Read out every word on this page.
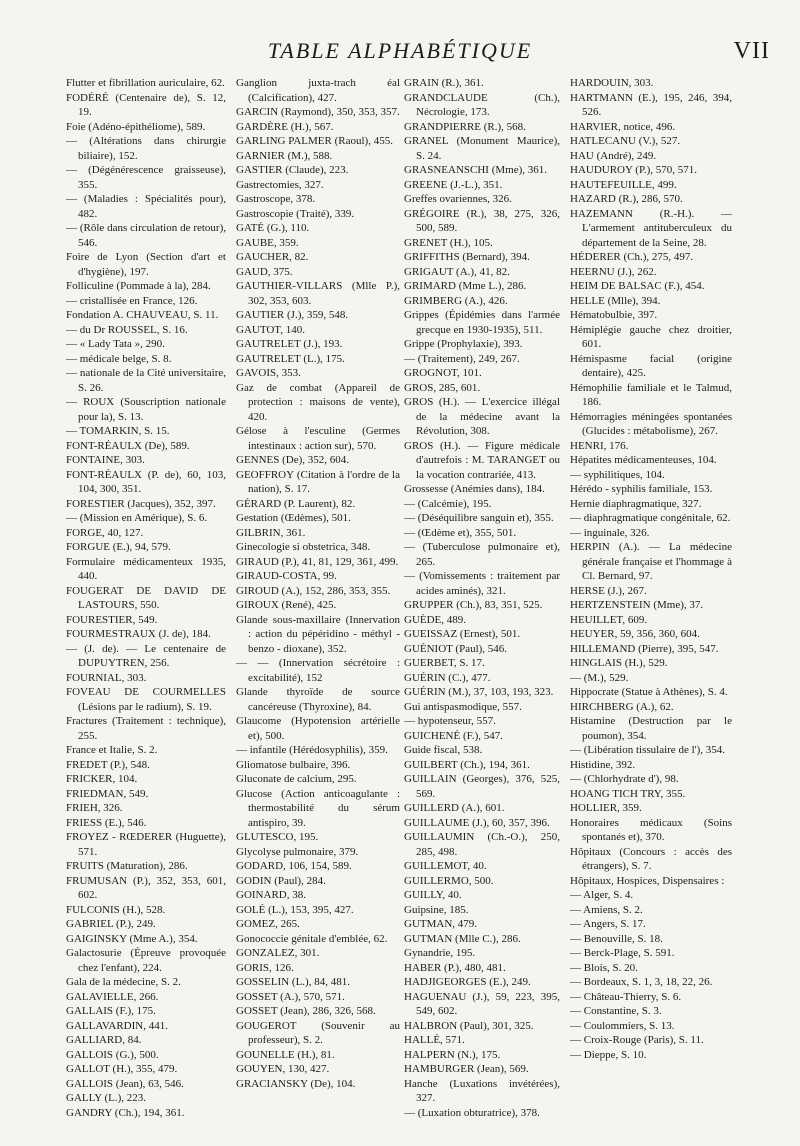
TABLE ALPHABÉTIQUE	VII
Flutter et fibrillation auriculaire, 62.
FODÉRÉ (Centenaire de), S. 12, 19.
Foie (Adéno-épithéliome), 589.
— (Altérations dans chirurgie biliaire), 152.
— (Dégénérescence graisseuse), 355.
— (Maladies : Spécialités pour), 482.
— (Rôle dans circulation de retour), 546.
Foire de Lyon (Section d'art et d'hygiène), 197.
Folliculine (Pommade à la), 284.
— cristallisée en France, 126.
Fondation A. CHAUVEAU, S. 11.
— du Dr ROUSSEL, S. 16.
— « Lady Tata », 290.
— médicale belge, S. 8.
— nationale de la Cité universitaire, S. 26.
— ROUX (Souscription nationale pour la), S. 13.
— TOMARKIN, S. 15.
FONT-RÉAULX (De), 589.
FONTAINE, 303.
FONT-RÉAULX (P. de), 60, 103, 104, 300, 351.
FORESTIER (Jacques), 352, 397.
— (Mission en Amérique), S. 6.
FORGE, 40, 127.
FORGUE (E.), 94, 579.
Formulaire médicamenteux 1935, 440.
FOUGERAT DE DAVID DE LASTOURS, 550.
FOURESTIER, 549.
FOURMESTRAUX (J. de), 184.
— (J. de). — Le centenaire de DUPUYTREN, 256.
FOURNIAL, 303.
FOVEAU DE COURMELLES (Lésions par le radium), S. 19.
Fractures (Traitement : technique), 255.
France et Italie, S. 2.
FREDET (P.), 548.
FRICKER, 104.
FRIEDMAN, 549.
FRIEH, 326.
FRIESS (E.), 546.
FROYEZ - RŒDERER (Huguette), 571.
FRUITS (Maturation), 286.
FRUMUSAN (P.), 352, 353, 601, 602.
FULCONIS (H.), 528.
GABRIEL (P.), 249.
GAIGINSKY (Mme A.), 354.
Galactosurie (Épreuve provoquée chez l'enfant), 224.
Gala de la médecine, S. 2.
GALAVIELLE, 266.
GALLAIS (F.), 175.
GALLAVARDIN, 441.
GALLIARD, 84.
GALLOIS (G.), 500.
GALLOT (H.), 355, 479.
GALLOIS (Jean), 63, 546.
GALLY (L.), 223.
GANDRY (Ch.), 194, 361.
Ganglion juxta-trach éal (Calcification), 427.
GARCIN (Raymond), 350, 353, 357.
GARDÈRE (H.), 567.
GARLING PALMER (Raoul), 455.
GARNIER (M.), 588.
GASTIER (Claude), 223.
Gastrectomies, 327.
Gastroscope, 378.
Gastroscopie (Traité), 339.
GATÉ (G.), 110.
GAUBE, 359.
GAUCHER, 82.
GAUD, 375.
GAUTHIER-VILLARS (Mlle P.), 302, 353, 603.
GAUTIER (J.), 359, 548.
GAUTOT, 140.
GAUTRELET (J.), 193.
GAUTRELET (L.), 175.
GAVOIS, 353.
Gaz de combat (Appareil de protection : maisons de vente), 420.
Gélose à l'esculine (Germes intestinaux : action sur), 570.
GENNES (De), 352, 604.
GEOFFROY (Citation à l'ordre de la nation), S. 17.
GÉRARD (P. Laurent), 82.
Gestation (Œdèmes), 501.
GILBRIN, 361.
Ginecologie si obstetrica, 348.
GIRAUD (P.), 41, 81, 129, 361, 499.
GIRAUD-COSTA, 99.
GIROUD (A.), 152, 286, 353, 355.
GIROUX (René), 425.
Glande sous-maxillaire (Innervation : action du pépéridino - méthyl - benzo - dioxane), 352.
— — (Innervation sécrétoire : excitabilité), 152
Glande thyroïde de source cancéreuse (Thyroxine), 84.
Glaucome (Hypotension artérielle et), 500.
— infantile (Hérédosyphilis), 359.
Gliomatose bulbaire, 396.
Gluconate de calcium, 295.
Glucose (Action anticoagulante : thermostabilité du sérum antispiro, 39.
GLUTESCO, 195.
Glycolyse pulmonaire, 379.
GODARD, 106, 154, 589.
GODIN (Paul), 284.
GOINARD, 38.
GOLÉ (L.), 153, 395, 427.
GOMEZ, 265.
Gonococcie génitale d'emblée, 62.
GONZALEZ, 301.
GORIS, 126.
GOSSELIN (L.), 84, 481.
GOSSET (A.), 570, 571.
GOSSET (Jean), 286, 326, 568.
GOUGEROT (Souvenir au professeur), S. 2.
GOUNELLE (H.), 81.
GOUYEN, 130, 427.
GRACIANSKY (De), 104.
GRAIN (R.), 361.
GRANDCLAUDE (Ch.), Nécrologie, 173.
GRANDPIERRE (R.), 568.
GRANEL (Monument Maurice), S. 24.
GRASNEANSCHI (Mme), 361.
GREENE (J.-L.), 351.
Greffes ovariennes, 326.
GRÉGOIRE (R.), 38, 275, 326, 500, 589.
GRENET (H.), 105.
GRIFFITHS (Bernard), 394.
GRIGAUT (A.), 41, 82.
GRIMARD (Mme L.), 286.
GRIMBERG (A.), 426.
Grippes (Épidémies dans l'armée grecque en 1930-1935), 511.
Grippe (Prophylaxie), 393.
— (Traitement), 249, 267.
GROGNOT, 101.
GROS, 285, 601.
GROS (H.). — L'exercice illégal de la médecine avant la Révolution, 308.
GROS (H.). — Figure médicale d'autrefois : M. TARANGET ou la vocation contrariée, 413.
Grossesse (Anémies dans), 184.
— (Calcémie), 195.
— (Déséquilibre sanguin et), 355.
— (Œdème et), 355, 501.
— (Tuberculose pulmonaire et), 265.
— (Vomissements : traitement par acides aminés), 321.
GRUPPER (Ch.), 83, 351, 525.
GUÈDE, 489.
GUEISSAZ (Ernest), 501.
GUÉNIOT (Paul), 546.
GUERBET, S. 17.
GUÉRIN (C.), 477.
GUÉRIN (M.), 37, 103, 193, 323.
Gui antispasmodique, 557.
— hypotenseur, 557.
GUICHENÉ (F.), 547.
Guide fiscal, 538.
GUILBERT (Ch.), 194, 361.
GUILLAIN (Georges), 376, 525, 569.
GUILLERD (A.), 601.
GUILLAUME (J.), 60, 357, 396.
GUILLAUMIN (Ch.-O.), 250, 285, 498.
GUILLEMOT, 40.
GUILLERMO, 500.
GUILLY, 40.
Guipsine, 185.
GUTMAN, 479.
GUTMAN (Mlle C.), 286.
Gynandrie, 195.
HABER (P.), 480, 481.
HADJIGEORGES (E.), 249.
HAGUENAU (J.), 59, 223, 395, 549, 602.
HALBRON (Paul), 301, 325.
HALLÉ, 571.
HALPERN (N.), 175.
HAMBURGER (Jean), 569.
Hanche (Luxations invétérées), 327.
— (Luxation obturatrice), 378.
HARDOUIN, 303.
HARTMANN (E.), 195, 246, 394, 526.
HARVIER, notice, 496.
HATLECANU (V.), 527.
HAU (André), 249.
HAUDUROY (P.), 570, 571.
HAUTEFEUILLE, 499.
HAZARD (R.), 286, 570.
HAZEMANN (R.-H.). — L'armement antituberculeux du département de la Seine, 28.
HÉDERER (Ch.), 275, 497.
HEERNU (J.), 262.
HEIM DE BALSAC (F.), 454.
HELLE (Mlle), 394.
Hématobulbie, 397.
Hémiplégie gauche chez droitier, 601.
Hémispasme facial (origine dentaire), 425.
Hémophilie familiale et le Talmud, 186.
Hémorragies méningées spontanées (Glucides : métabolisme), 267.
HENRI, 176.
Hépatites médicamenteuses, 104.
— syphilitiques, 104.
Hérédo - syphilis familiale, 153.
Hernie diaphragmatique, 327.
— diaphragmatique congénitale, 62.
— inguinale, 326.
HERPIN (A.). — La médecine générale française et l'hommage à Cl. Bernard, 97.
HERSE (J.), 267.
HERTZENSTEIN (Mme), 37.
HEUILLET, 609.
HEUYER, 59, 356, 360, 604.
HILLEMAND (Pierre), 395, 547.
HINGLAIS (H.), 529.
— (M.), 529.
Hippocrate (Statue à Athènes), S. 4.
HIRCHBERG (A.), 62.
Histamine (Destruction par le poumon), 354.
— (Libération tissulaire de l'), 354.
Histidine, 392.
— (Chlorhydrate d'), 98.
HOANG TICH TRY, 355.
HOLLIER, 359.
Honoraires médicaux (Soins spontanés et), 370.
Hôpitaux (Concours : accès des étrangers), S. 7.
Hôpitaux, Hospices, Dispensaires :
— Alger, S. 4.
— Amiens, S. 2.
— Angers, S. 17.
— Benouville, S. 18.
— Berck-Plage, S. 591.
— Blois, S. 20.
— Bordeaux, S. 1, 3, 18, 22, 26.
— Château-Thierry, S. 6.
— Constantine, S. 3.
— Coulommiers, S. 13.
— Croix-Rouge (Paris), S. 11.
— Dieppe, S. 10.
